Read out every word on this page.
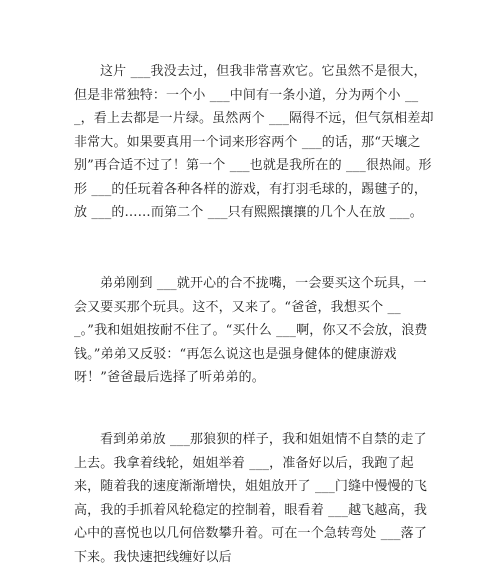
这片 ___我没去过，但我非常喜欢它。它虽然不是很大，但是非常独特：一个小 ___中间有一条小道，分为两个小 ___，看上去都是一片绿。虽然两个 ___隔得不远，但气氛相差却非常大。如果要真用一个词来形容两个 ___的话，那“天壤之别”再合适不过了！第一个 ___也就是我所在的 ___很热闹。形形 ___的任玩着各种各样的游戏，有打羽毛球的，踢毽子的，放 ___的……而第二个 ___只有熙熙攘攘的几个人在放 ___。

弟弟刚到 ___就开心的合不拢嘴，一会要买这个玩具，一会又要买那个玩具。这不，又来了。“爸爸，我想买个 ___。”我和姐姐按耐不住了。“买什么 ___啊，你又不会放，浪费钱。”弟弟又反驳：“再怎么说这也是强身健体的健康游戏呀！”爸爸最后选择了听弟弟的。

看到弟弟放 ___那狼狈的样子，我和姐姐情不自禁的走了上去。我拿着线轮，姐姐举着 ___，准备好以后，我跑了起来，随着我的速度渐渐增快，姐姐放开了 ___门缝中慢慢的飞高，我的手抓着风轮稳定的控制着，眼看着 ___越飞越高，我心中的喜悦也以几何倍数攀升着。可在一个急转弯处 ___落了下来。我快速把线缠好以后
